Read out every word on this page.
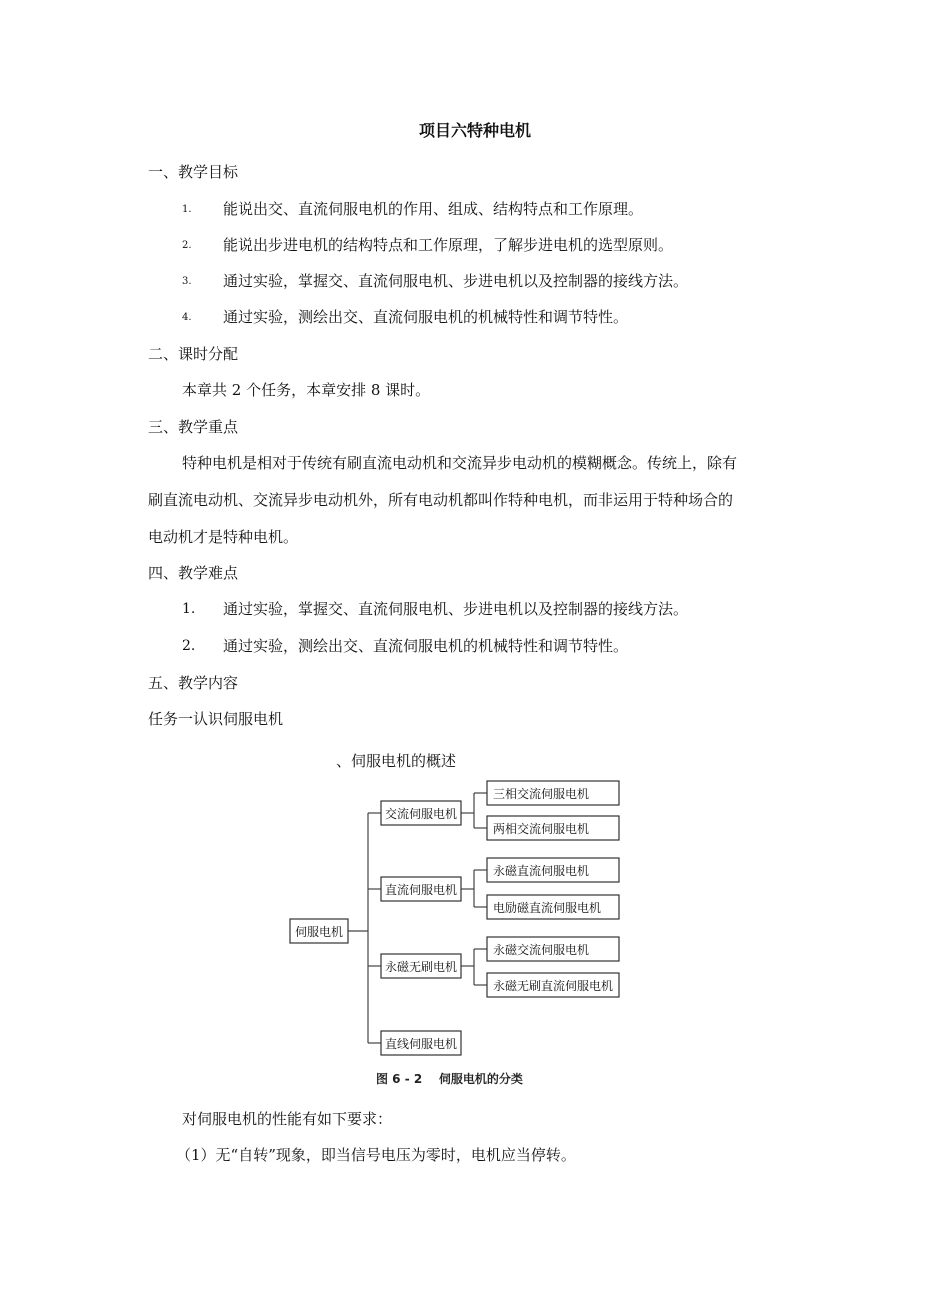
项目六特种电机
一、教学目标
1. 能说出交、直流伺服电机的作用、组成、结构特点和工作原理。
2. 能说出步进电机的结构特点和工作原理，了解步进电机的选型原则。
3. 通过实验，掌握交、直流伺服电机、步进电机以及控制器的接线方法。
4. 通过实验，测绘出交、直流伺服电机的机械特性和调节特性。
二、课时分配
本章共 2 个任务，本章安排 8 课时。
三、教学重点
特种电机是相对于传统有刷直流电动机和交流异步电动机的模糊概念。传统上，除有
刷直流电动机、交流异步电动机外，所有电动机都叫作特种电机，而非运用于特种场合的
电动机才是特种电机。
四、教学难点
1. 通过实验，掌握交、直流伺服电机、步进电机以及控制器的接线方法。
2. 通过实验，测绘出交、直流伺服电机的机械特性和调节特性。
五、教学内容
任务一认识伺服电机
、伺服电机的概述
伺服电机
交流伺服电机
直流伺服电机
永磁无刷电机
直线伺服电机
三相交流伺服电机
两相交流伺服电机
永磁直流伺服电机
电励磁直流伺服电机
永磁交流伺服电机
永磁无刷直流伺服电机
图 6 - 2    伺服电机的分类
对伺服电机的性能有如下要求：
（1）无“自转”现象，即当信号电压为零时，电机应当停转。
